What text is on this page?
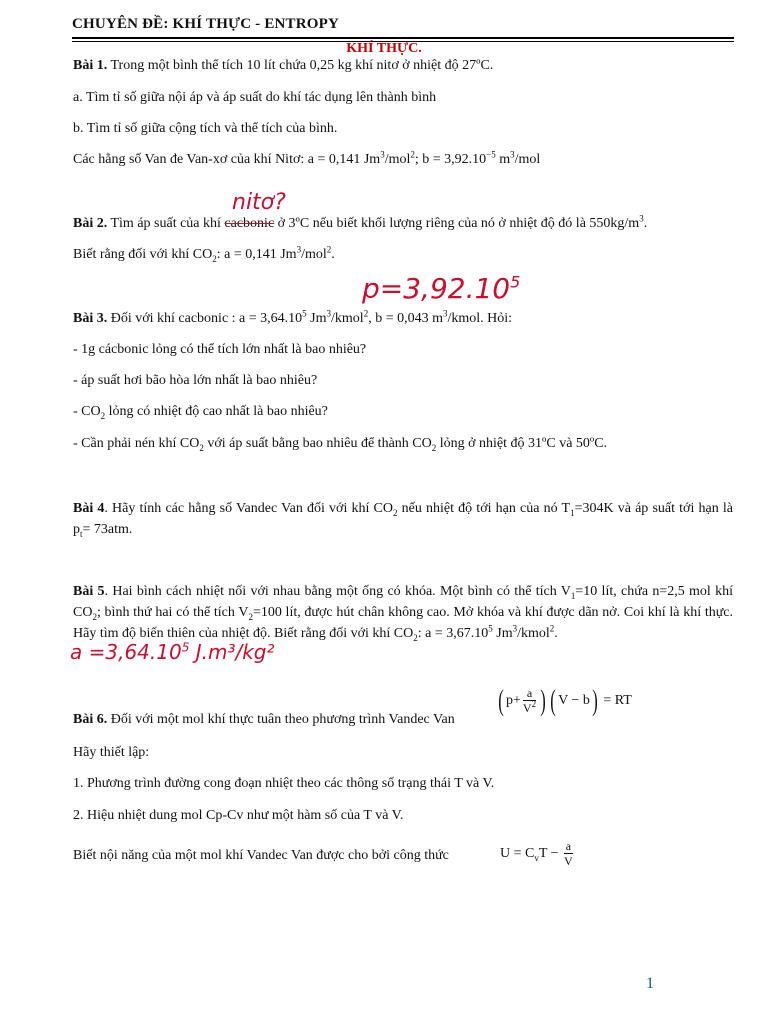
CHUYÊN ĐỀ: KHÍ THỰC - ENTROPY
KHÍ THỰC.
Bài 1. Trong một bình thể tích 10 lít chứa 0,25 kg khí nitơ ở nhiệt độ 27ºC.
a. Tìm tỉ số giữa nội áp và áp suất do khí tác dụng lên thành bình
b. Tìm tỉ số giữa cộng tích và thể tích của bình.
Các hằng số Van đe Van-xơ của khí Nitơ: a = 0,141 Jm$^3$/mol$^2$; $b = 3,92.10^{-5}$ $m^3$/mol
nitơ?
Bài 2. Tìm áp suất của khí cacbonic ở 3ºC nếu biết khối lượng riêng của nó ở nhiệt độ đó là $550kg/m^3$.
Biết rằng đối với khí $CO_2$: a = 0,141 Jm$^3$/mol$^2$.
$p=3,92.10^5$
Bài 3. Đối với khí cacbonic : $a = 3,64.10^5$ Jm$^3$/kmol$^2$, b = 0,043 $m^3$/kmol. Hỏi:
- 1g cácbonic lỏng có thể tích lớn nhất là bao nhiêu?
- áp suất hơi bão hòa lớn nhất là bao nhiêu?
- $CO_2$ lỏng có nhiệt độ cao nhất là bao nhiêu?
- Cần phải nén khí $CO_2$ với áp suất bằng bao nhiêu để thành $CO_2$ lỏng ở nhiệt độ 31ºC và 50ºC.
Bài 4. Hãy tính các hằng số Vandec Van đối với khí $CO_2$ nếu nhiệt độ tới hạn của nó $T_1=304K$ và áp suất tới hạn là $p_t= 73atm$.
Bài 5. Hai bình cách nhiệt nối với nhau bằng một ống có khóa. Một bình có thể tích $V_1=10$ lít, chứa n=2,5 mol khí $CO_2$; bình thứ hai có thể tích $V_2=100$ lít, được hút chân không cao. Mở khóa và khí được dãn nở. Coi khí là khí thực. Hãy tìm độ biến thiên của nhiệt độ. Biết rằng đối với khí $CO_2$: $a = 3,67.10^5$ Jm$^3$/kmol$^2$.
$a =3,64.10^5$ J.m³/kg²
Bài 6. Đối với một mol khí thực tuân theo phương trình Vandec Van
( $p+ \frac{a}{V^2}$ ) ( V − b) = RT
Hãy thiết lập:
1. Phương trình đường cong đoạn nhiệt theo các thông số trạng thái T và V.
2. Hiệu nhiệt dung mol Cp-Cv như một hàm số của T và V.
Biết nội năng của một mol khí Vandec Van được cho bởi công thức	$U = C_vT - \frac{a}{V}$
1
